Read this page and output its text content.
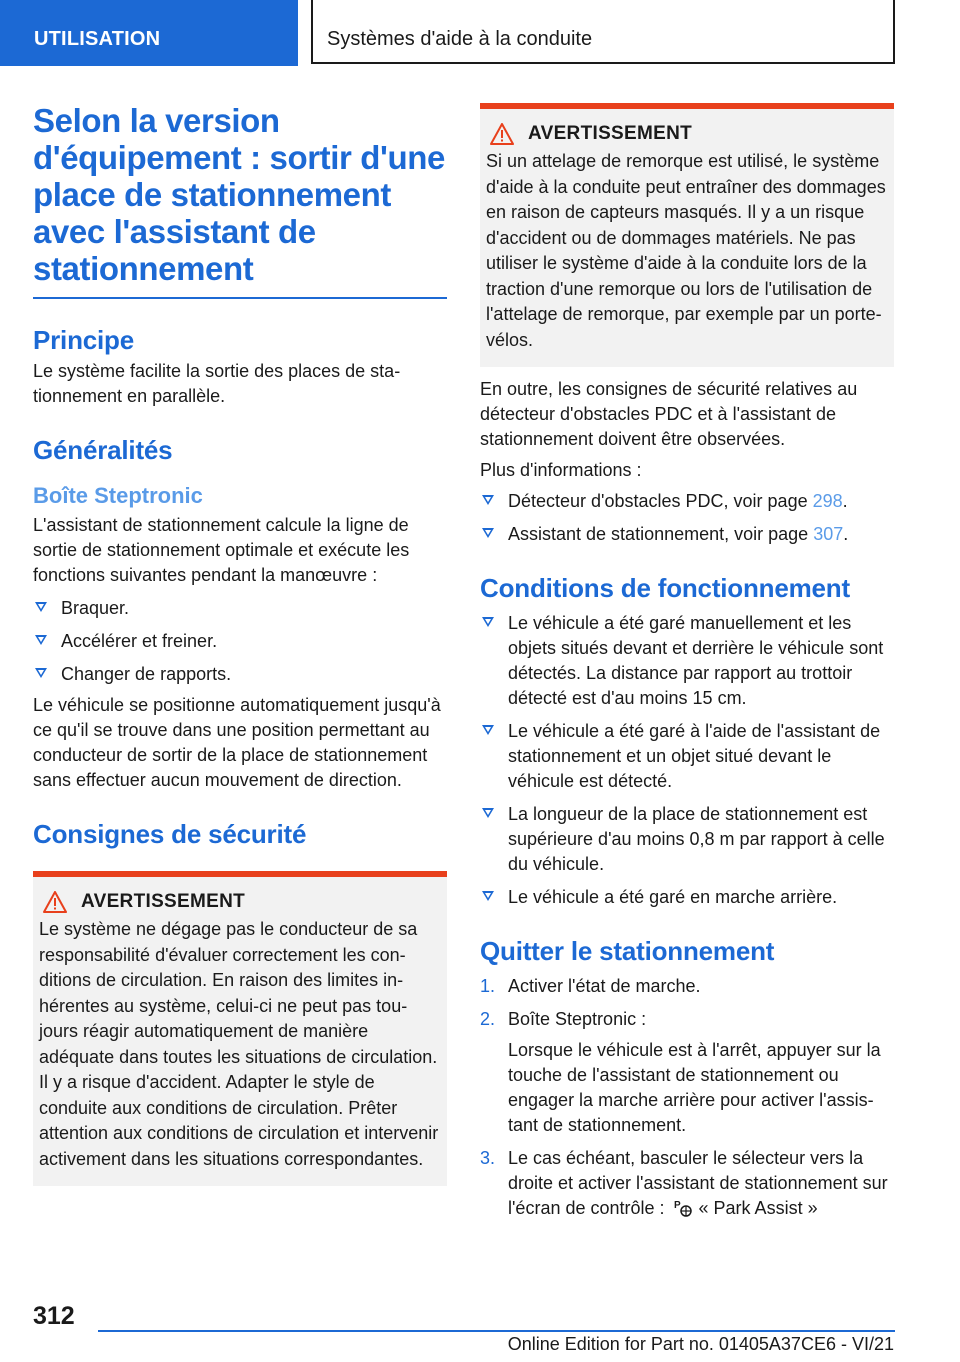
UTILISATION	Systèmes d'aide à la conduite
Selon la version d'équipement : sortir d'une place de stationnement avec l'assistant de stationnement
Principe

Le système facilite la sortie des places de stationnement en parallèle.

Généralités
Boîte Steptronic

L'assistant de stationnement calcule la ligne de sortie de stationnement optimale et exécute les fonctions suivantes pendant la manœuvre :

Braquer.
Accélérer et freiner.
Changer de rapports.

Le véhicule se positionne automatiquement jusqu'à ce qu'il se trouve dans une position permettant au conducteur de sortir de la place de stationnement sans effectuer aucun mouvement de direction.

Consignes de sécurité
AVERTISSEMENT

Le système ne dégage pas le conducteur de sa responsabilité d'évaluer correctement les conditions de circulation. En raison des limites inhérentes au système, celui-ci ne peut pas toujours réagir automatiquement de manière adéquate dans toutes les situations de circulation. Il y a risque d'accident. Adapter le style de conduite aux conditions de circulation. Prêter attention aux conditions de circulation et intervenir activement dans les situations correspondantes.

AVERTISSEMENT

Si un attelage de remorque est utilisé, le système d'aide à la conduite peut entraîner des dommages en raison de capteurs masqués. Il y a un risque d'accident ou de dommages matériels. Ne pas utiliser le système d'aide à la conduite lors de la traction d'une remorque ou lors de l'utilisation de l'attelage de remorque, par exemple par un porte-vélos.

En outre, les consignes de sécurité relatives au détecteur d'obstacles PDC et à l'assistant de stationnement doivent être observées.

Plus d'informations :

Détecteur d'obstacles PDC, voir page 298.
Assistant de stationnement, voir page 307.
Conditions de fonctionnement
Le véhicule a été garé manuellement et les objets situés devant et derrière le véhicule sont détectés. La distance par rapport au trottoir détecté est d'au moins 15 cm.
Le véhicule a été garé à l'aide de l'assistant de stationnement et un objet situé devant le véhicule est détecté.
La longueur de la place de stationnement est supérieure d'au moins 0,8 m par rapport à celle du véhicule.
Le véhicule a été garé en marche arrière.
Quitter le stationnement
1. Activer l'état de marche.
2. Boîte Steptronic :
Lorsque le véhicule est à l'arrêt, appuyer sur la touche de l'assistant de stationnement ou engager la marche arrière pour activer l'assistant de stationnement.
3. Le cas échéant, basculer le sélecteur vers la droite et activer l'assistant de stationnement sur l'écran de contrôle : P « Park Assist »
312
Online Edition for Part no. 01405A37CE6 - VI/21
